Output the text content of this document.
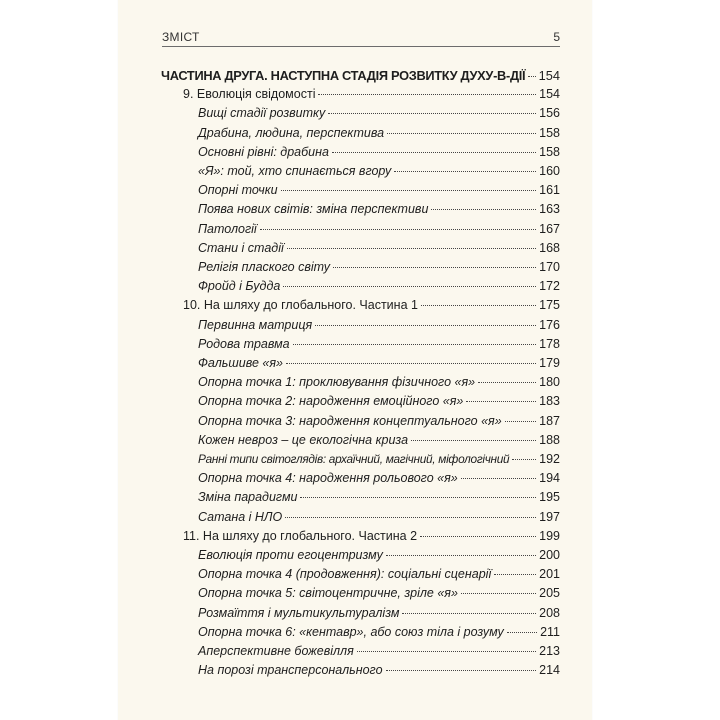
ЗМІСТ	5
ЧАСТИНА ДРУГА. НАСТУПНА СТАДІЯ РОЗВИТКУ ДУХУ-В-ДІЇ 154
9. Еволюція свідомості	154
Вищі стадії розвитку	156
Драбина, людина, перспектива	158
Основні рівні: драбина	158
«Я»: той, хто спинається вгору	160
Опорні точки	161
Поява нових світів: зміна перспективи	163
Патології	167
Стани і стадії	168
Релігія плаского світу	170
Фройд і Будда	172
10. На шляху до глобального. Частина 1	175
Первинна матриця	176
Родова травма	178
Фальшиве «я»	179
Опорна точка 1: проклювування фізичного «я»	180
Опорна точка 2: народження емоційного «я»	183
Опорна точка 3: народження концептуального «я»	187
Кожен невроз – це екологічна криза	188
Ранні типи світоглядів: архаїчний, магічний, міфологічний 192
Опорна точка 4: народження рольового «я»	194
Зміна парадигми	195
Сатана і НЛО	197
11. На шляху до глобального. Частина 2	199
Еволюція проти егоцентризму	200
Опорна точка 4 (продовження): соціальні сценарії	201
Опорна точка 5: світоцентричне, зріле «я»	205
Розмаїття і мультикультуралізм	208
Опорна точка 6: «кентавр», або союз тіла і розуму	211
Аперспективне божевілля	213
На порозі трансперсонального	214
